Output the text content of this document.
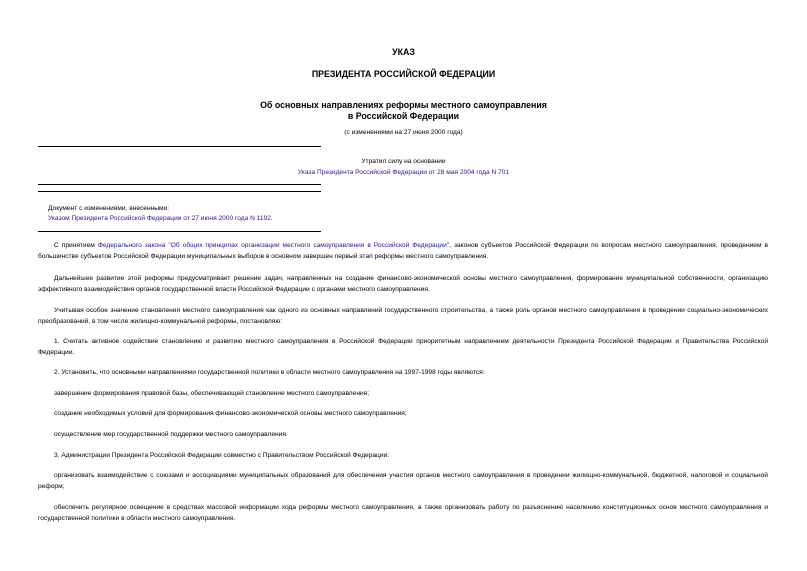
УКАЗ
ПРЕЗИДЕНТА РОССИЙСКОЙ ФЕДЕРАЦИИ
Об основных направлениях реформы местного самоуправления
в Российской Федерации
(с изменениями на 27 июня 2000 года)
Утратил силу на основании
Указа Президента Российской Федерации от 28 мая 2004 года N 701
Документ с изменениями, внесенными:
Указом Президента Российской Федерации от 27 июня 2000 года N 1192.
С принятием Федерального закона "Об общих принципах организации местного самоуправления в Российской Федерации", законов субъектов Российской Федерации по вопросам местного самоуправления, проведением в большинстве субъектов Российской Федерации муниципальных выборов в основном завершен первый этап реформы местного самоуправления.
Дальнейшее развитие этой реформы предусматривает решение задач, направленных на создание финансово-экономической основы местного самоуправления, формирование муниципальной собственности, организацию эффективного взаимодействия органов государственной власти Российской Федерации с органами местного самоуправления.
Учитывая особое значение становления местного самоуправления как одного из основных направлений государственного строительства, а также роль органов местного самоуправления в проведении социально-экономических преобразований, в том числе жилищно-коммунальной реформы, постановляю:
1. Считать активное содействие становлению и развитию местного самоуправления в Российской Федерации приоритетным направлением деятельности Президента Российской Федерации и Правительства Российской Федерации.
2. Установить, что основными направлениями государственной политики в области местного самоуправления на 1997-1998 годы являются:
завершение формирования правовой базы, обеспечивающей становление местного самоуправления;
создание необходимых условий для формирования финансово-экономической основы местного самоуправления;
осуществление мер государственной поддержки местного самоуправления.
3. Администрации Президента Российской Федерации совместно с Правительством Российской Федерации:
организовать взаимодействие с союзами и ассоциациями муниципальных образований для обеспечения участия органов местного самоуправления в проведении жилищно-коммунальной, бюджетной, налоговой и социальной реформ;
обеспечить регулярное освещение в средствах массовой информации хода реформы местного самоуправления, а также организовать работу по разъяснению населению конституционных основ местного самоуправления и государственной политики в области местного самоуправления.
